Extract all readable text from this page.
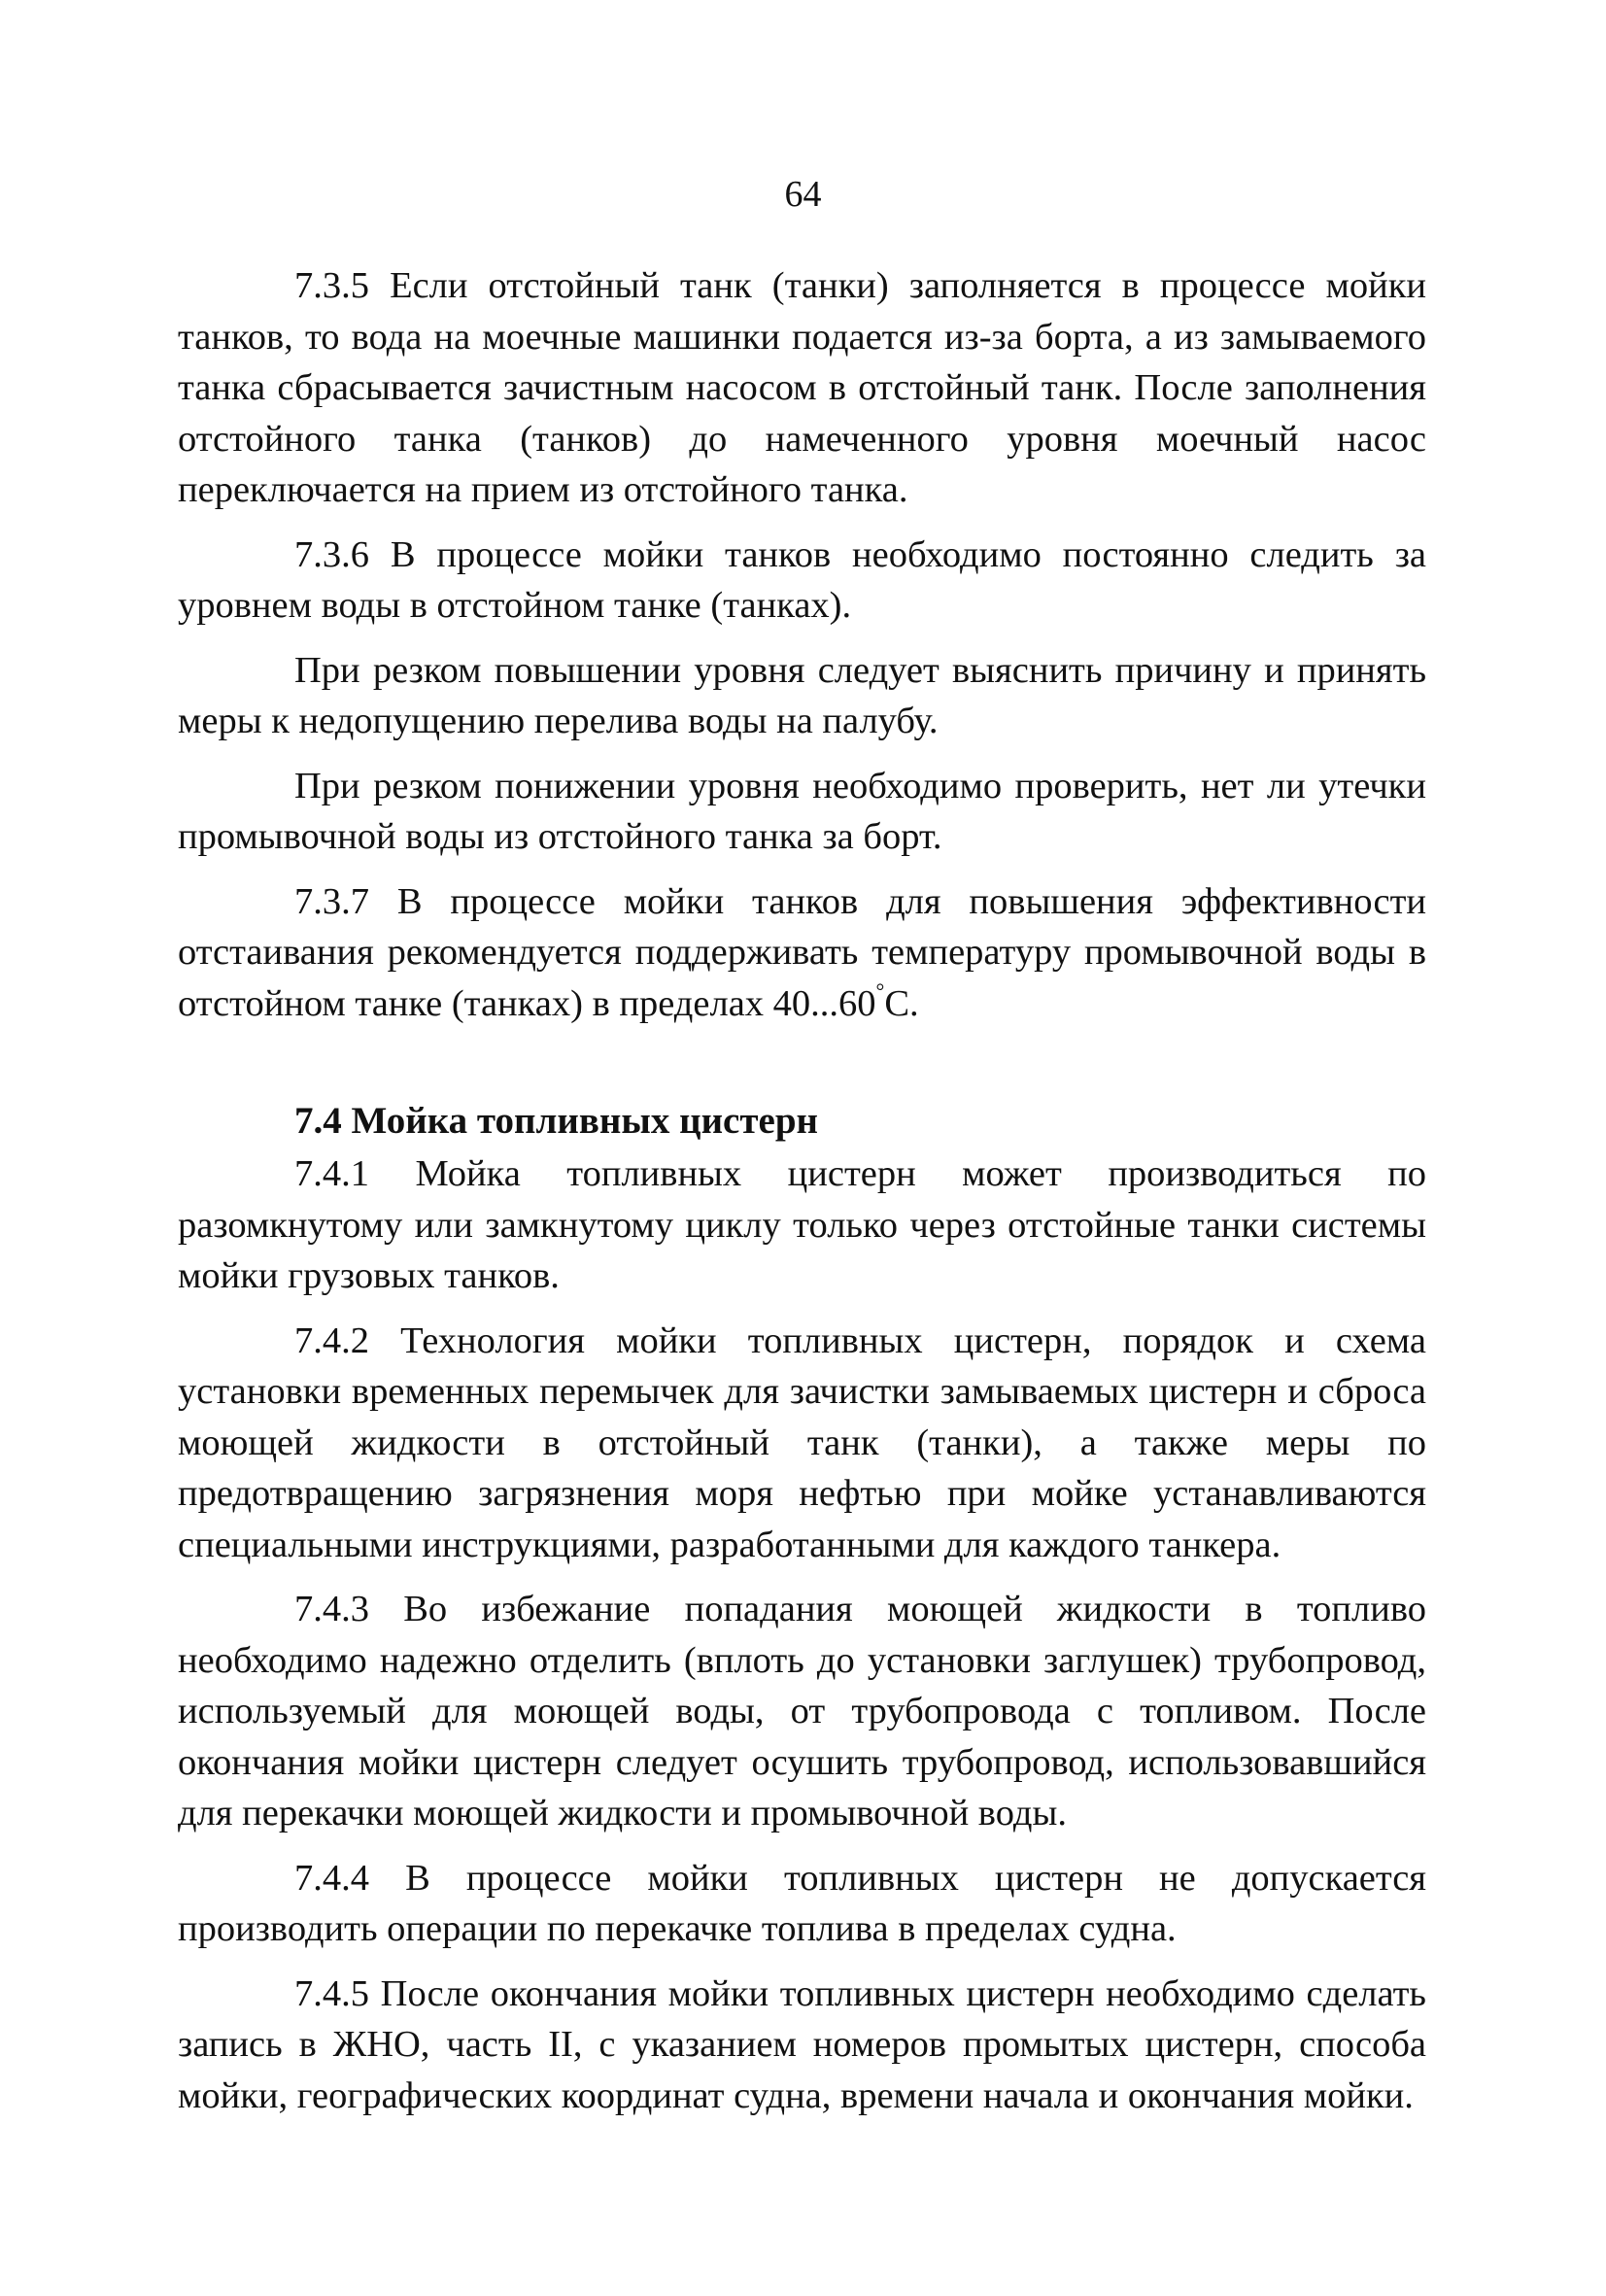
64

7.3.5 Если отстойный танк (танки) заполняется в процессе мойки танков, то вода на моечные машинки подается из-за борта, а из замываемого танка сбрасывается зачистным насосом в отстойный танк. После заполнения отстойного танка (танков) до намеченного уровня моечный насос переключается на прием из отстойного танка.

7.3.6 В процессе мойки танков необходимо постоянно следить за уровнем воды в отстойном танке (танках).

При резком повышении уровня следует выяснить причину и принять меры к недопущению перелива воды на палубу.

При резком понижении уровня необходимо проверить, нет ли утечки промывочной воды из отстойного танка за борт.

7.3.7 В процессе мойки танков для повышения эффективности отстаивания рекомендуется поддерживать температуру промывочной воды в отстойном танке (танках) в пределах 40...60°С.

7.4 Мойка топливных цистерн

7.4.1 Мойка топливных цистерн может производиться по разомкнутому или замкнутому циклу только через отстойные танки системы мойки грузовых танков.

7.4.2 Технология мойки топливных цистерн, порядок и схема установки временных перемычек для зачистки замываемых цистерн и сброса моющей жидкости в отстойный танк (танки), а также меры по предотвращению загрязнения моря нефтью при мойке устанавливаются специальными инструкциями, разработанными для каждого танкера.

7.4.3 Во избежание попадания моющей жидкости в топливо необходимо надежно отделить (вплоть до установки заглушек) трубопровод, используемый для моющей воды, от трубопровода с топливом. После окончания мойки цистерн следует осушить трубопровод, использовавшийся для перекачки моющей жидкости и промывочной воды.

7.4.4 В процессе мойки топливных цистерн не допускается производить операции по перекачке топлива в пределах судна.

7.4.5 После окончания мойки топливных цистерн необходимо сделать запись в ЖНО, часть II, с указанием номеров промытых цистерн, способа мойки, географических координат судна, времени начала и окончания мойки.
